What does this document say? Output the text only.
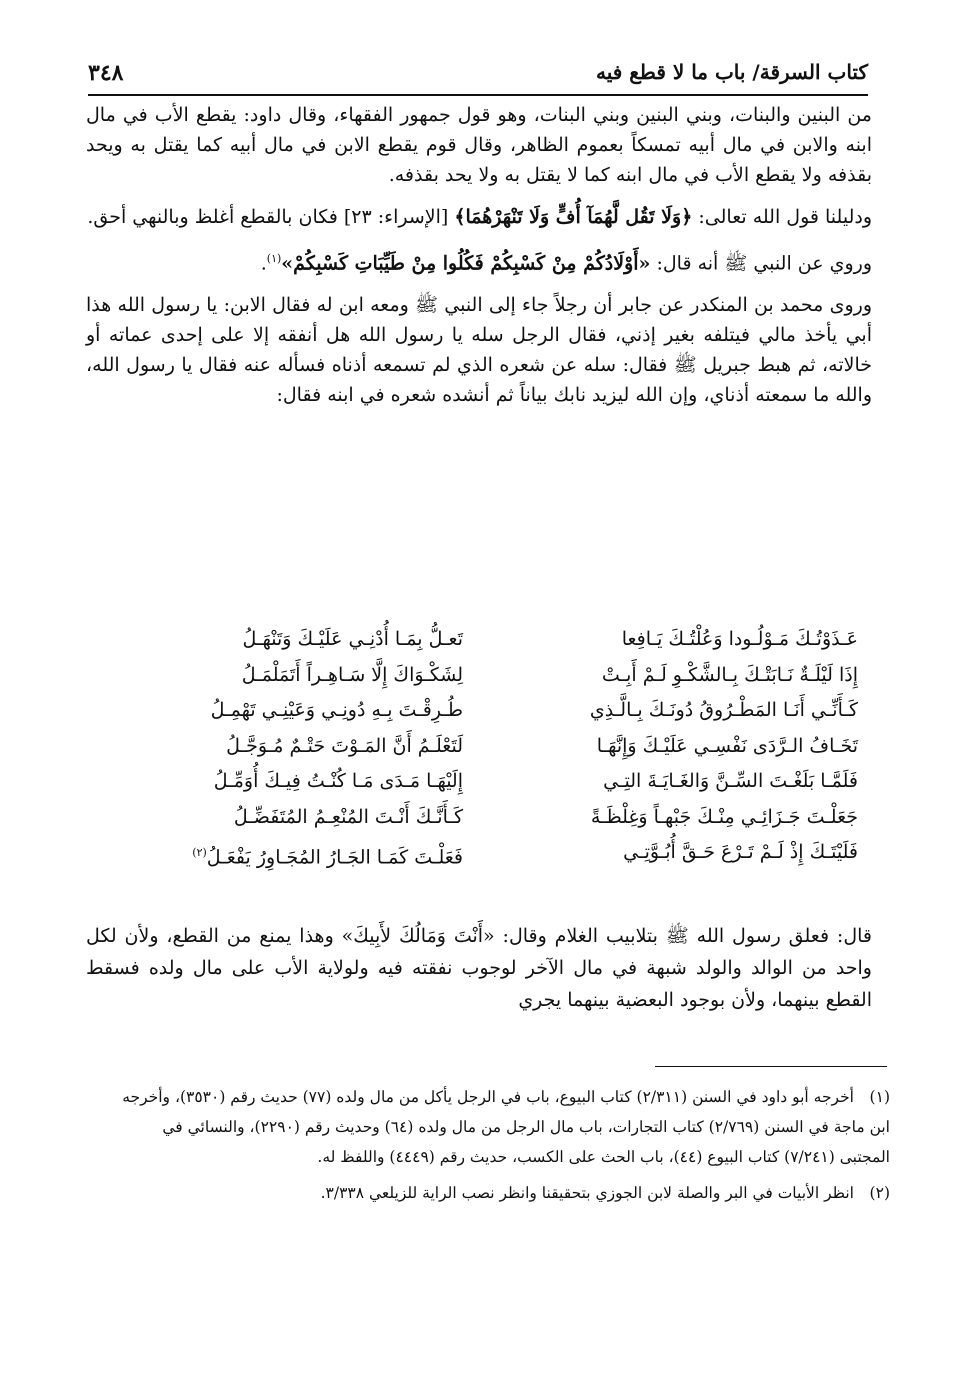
كتاب السرقة/ باب ما لا قطع فيه
٣٤٨

من البنين والبنات، وبني البنين وبني البنات، وهو قول جمهور الفقهاء، وقال داود: يقطع الأب في مال ابنه والابن في مال أبيه تمسكاً بعموم الظاهر، وقال قوم يقطع الابن في مال أبيه كما يقتل به ويحد بقذفه ولا يقطع الأب في مال ابنه كما لا يقتل به ولا يحد بقذفه.

ودليلنا قول الله تعالى: ﴿وَلَا تَقُل لَّهُمَآ أُفٍّ وَلَا تَنْهَرْهُمَا﴾ [الإسراء: ٢٣] فكان بالقطع أغلظ وبالنهي أحق.

وروي عن النبي ﷺ أنه قال: «أَوْلَادُكُمْ مِنْ كَسْبِكُمْ فَكُلُوا مِنْ طَيِّبَاتِ كَسْبِكُمْ»$^{(١)}$.

وروى محمد بن المنكدر عن جابر أن رجلاً جاء إلى النبي ﷺ ومعه ابن له فقال الابن: يا رسول الله هذا أبي يأخذ مالي فيتلفه بغير إذني، فقال الرجل سله يا رسول الله هل أنفقه إلا على إحدى عماته أو خالاته، ثم هبط جبريل ﷺ فقال: سله عن شعره الذي لم تسمعه أذناه فسأله عنه فقال يا رسول الله، والله ما سمعته أذناي، وإن الله ليزيد نابك بياناً ثم أنشده شعره في ابنه فقال:

عَـذَوْتُـكَ مَـوْلُـودا وَعُلْتُـكَ يَـافِعا
تَعـلُّ بِمَـا أُدْنِـي عَلَيْـكَ وَتَنْهَـلُ
إِذَا لَيْلَـةٌ نَـابَتْـكَ بِـالشَّكْـوِ لَـمْ أَبِـتْ
لِشَكْـوَاكَ إِلَّا سَـاهِـراً أَتَمَلْمَـلُ
كَـأَنِّـي أَنَـا المَطْـرُوقُ دُونَـكَ بِـالَّـذِي
طُـرِقْـتَ بِـهِ دُونِـي وَعَيْنِـي تَهْمِـلُ
تَخَـافُ الـرَّدَى نَفْسِـي عَلَيْـكَ وَإِنَّهَـا
لَتَعْلَـمُ أَنَّ المَـوْتَ حَتْـمٌ مُـوَجَّـلُ
فَلَمَّـا بَلَغْـتَ السِّـنَّ وَالغَـايَـةَ التِـي
إِلَيْهَـا مَـدَى مَـا كُنْـتُ فِيـكَ أُوَمِّـلُ
جَعَلْـتَ جَـزَائِـي مِنْـكَ جَبْهـاً وَغِلْظَـةً
كَـأَنَّـكَ أَنْـتَ المُنْعِـمُ المُتَفَضِّـلُ
فَلَيْتَـكَ إِذْ لَـمْ تَـرْعَ حَـقَّ أُبُـوَّتِـي
فَعَلْـتَ كَمَـا الجَـارُ المُجَـاوِرُ يَفْعَـلُ$^{(٢)}$
قال: فعلق رسول الله ﷺ بتلابيب الغلام وقال: «أَنْتَ وَمَالُكَ لأَبِيكَ» وهذا يمنع من القطع، ولأن لكل واحد من الوالد والولد شبهة في مال الآخر لوجوب نفقته فيه ولولاية الأب على مال ولده فسقط القطع بينهما، ولأن بوجود البعضية بينهما يجري
(١)أخرجه أبو داود في السنن (٢/٣١١) كتاب البيوع، باب في الرجل يأكل من مال ولده (٧٧) حديث رقم (٣٥٣٠)، وأخرجه ابن ماجة في السنن (٢/٧٦٩) كتاب التجارات، باب مال الرجل من مال ولده (٦٤) وحديث رقم (٢٢٩٠)، والنسائي في المجتبى (٧/٢٤١) كتاب البيوع (٤٤)، باب الحث على الكسب، حديث رقم (٤٤٤٩) واللفظ له.
(٢)انظر الأبيات في البر والصلة لابن الجوزي بتحقيقنا وانظر نصب الراية للزيلعي ٣/٣٣٨.
